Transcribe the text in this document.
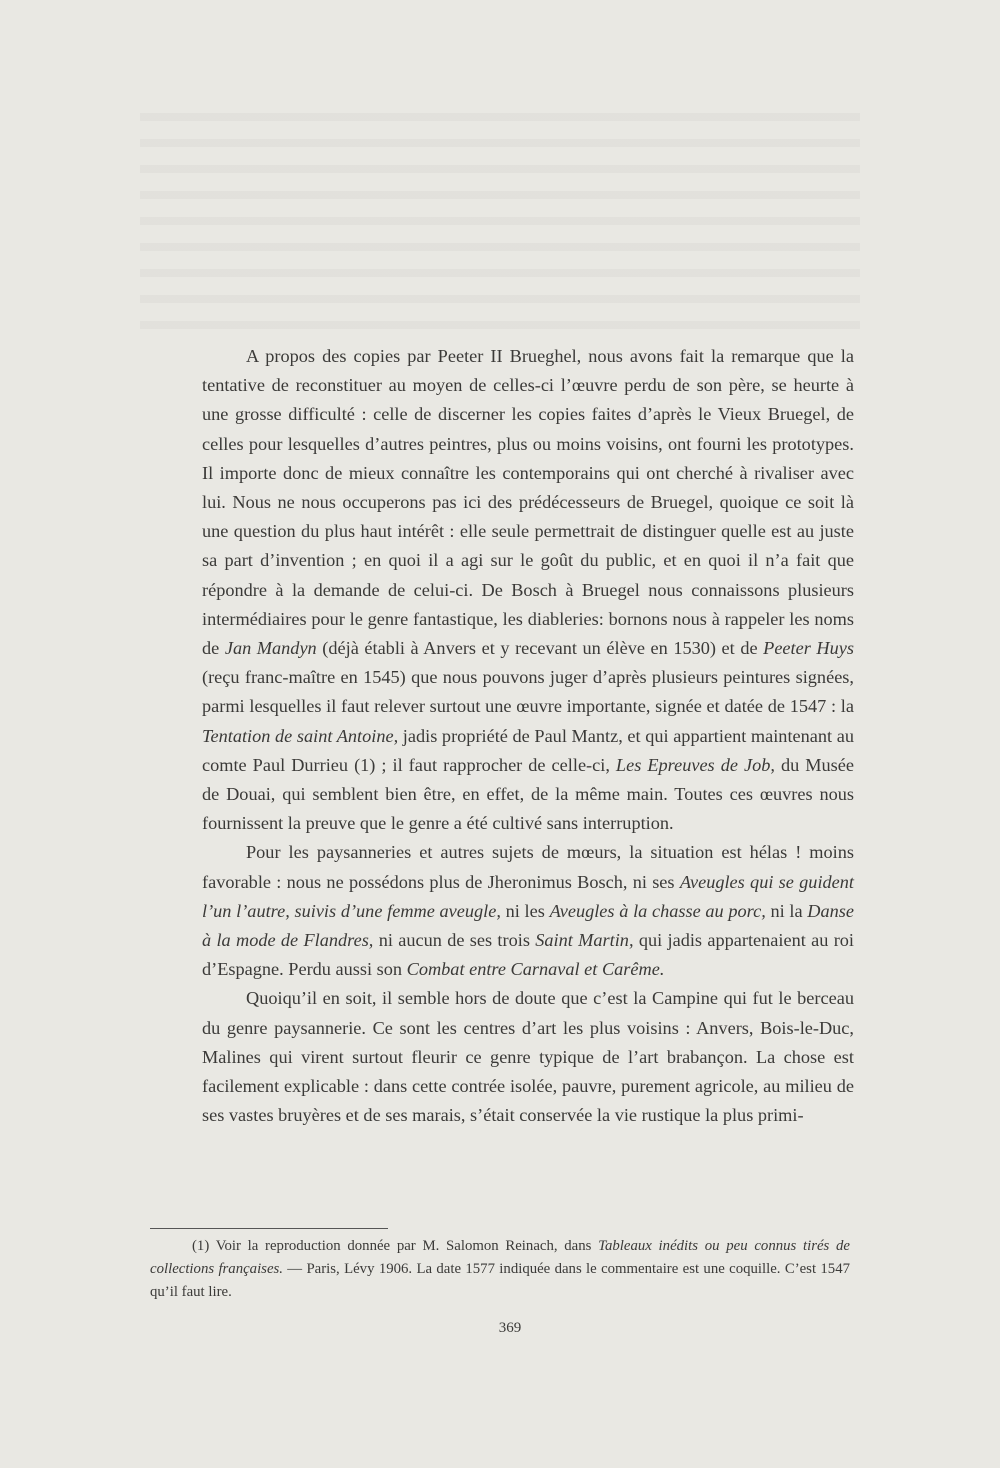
A propos des copies par Peeter II Brueghel, nous avons fait la remarque que la tentative de reconstituer au moyen de celles-ci l’œuvre perdu de son père, se heurte à une grosse difficulté : celle de discerner les copies faites d’après le Vieux Bruegel, de celles pour lesquelles d’autres peintres, plus ou moins voisins, ont fourni les prototypes. Il importe donc de mieux connaître les contemporains qui ont cherché à rivaliser avec lui. Nous ne nous occuperons pas ici des prédécesseurs de Bruegel, quoique ce soit là une question du plus haut intérêt : elle seule permettrait de distinguer quelle est au juste sa part d’invention ; en quoi il a agi sur le goût du public, et en quoi il n’a fait que répondre à la demande de celui-ci. De Bosch à Bruegel nous connaissons plusieurs intermédiaires pour le genre fantastique, les diableries: bornons nous à rappeler les noms de Jan Mandyn (déjà établi à Anvers et y recevant un élève en 1530) et de Peeter Huys (reçu franc-maître en 1545) que nous pouvons juger d’après plusieurs peintures signées, parmi lesquelles il faut relever surtout une œuvre importante, signée et datée de 1547 : la Tentation de saint Antoine, jadis propriété de Paul Mantz, et qui appartient maintenant au comte Paul Durrieu (1) ; il faut rapprocher de celle-ci, Les Epreuves de Job, du Musée de Douai, qui semblent bien être, en effet, de la même main. Toutes ces œuvres nous fournissent la preuve que le genre a été cultivé sans interruption.

Pour les paysanneries et autres sujets de mœurs, la situation est hélas ! moins favorable : nous ne possédons plus de Jheronimus Bosch, ni ses Aveugles qui se guident l’un l’autre, suivis d’une femme aveugle, ni les Aveugles à la chasse au porc, ni la Danse à la mode de Flandres, ni aucun de ses trois Saint Martin, qui jadis appartenaient au roi d’Espagne. Perdu aussi son Combat entre Carnaval et Carême.

Quoiqu’il en soit, il semble hors de doute que c’est la Campine qui fut le berceau du genre paysannerie. Ce sont les centres d’art les plus voisins : Anvers, Bois-le-Duc, Malines qui virent surtout fleurir ce genre typique de l’art brabançon. La chose est facilement explicable : dans cette contrée isolée, pauvre, purement agricole, au milieu de ses vastes bruyères et de ses marais, s’était conservée la vie rustique la plus primi-

(1) Voir la reproduction donnée par M. Salomon Reinach, dans Tableaux inédits ou peu connus tirés de collections françaises. — Paris, Lévy 1906. La date 1577 indiquée dans le commentaire est une coquille. C’est 1547 qu’il faut lire.

369
